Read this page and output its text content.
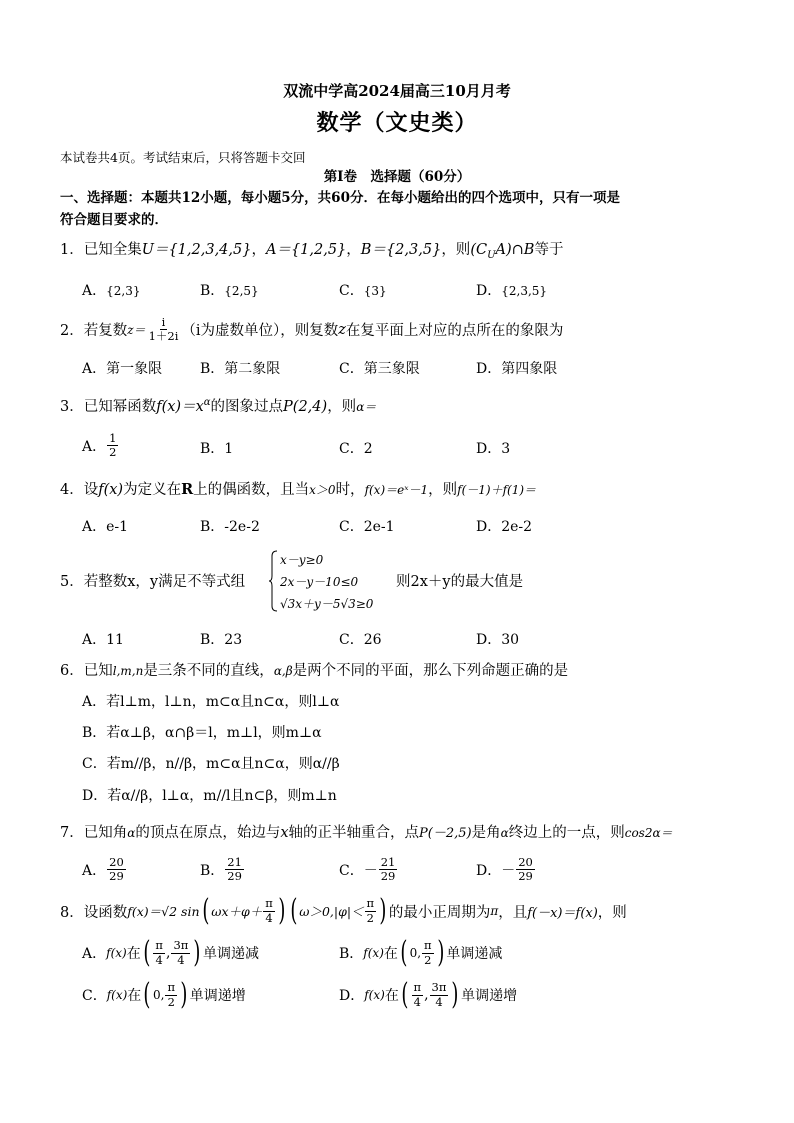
双流中学高2024届高三10月月考
数学（文史类）
本试卷共4页。考试结束后，只将答题卡交回
第Ⅰ卷　选择题（60分）
一、选择题：本题共12小题，每小题5分，共60分．在每小题给出的四个选项中，只有一项是
符合题目要求的．
1．已知全集U＝{1,2,3,4,5}，A＝{1,2,5}，B＝{2,3,5}，则$(C_UA)\cap B$等于
A．{2,3}	B．{2,5}	C．{3}	D．{2,3,5}
2．若复数$z= \frac{i}{1+2i} (i$为虚数单位），则复数z在复平面上对应的点所在的象限为
A．第一象限	B．第二象限	C．第三象限	D．第四象限
3．已知幂函数$f(x)=x^\alpha$的图象过点P(2,4)，则α＝
A． $\frac{1}{2}$	B．1	C．2	D．3
4．设f(x)为定义在R上的偶函数，且当x＞0时，f(x)＝eˣ－1，则f(－1)＋f(1)＝
A．e-1	B．-2e-2	C．2e-1	D．2e-2
5．若整数x，y满足不等式组
x－y≥0
2x－y－10≤0
√3x＋y－5√3≥0
则2x＋y的最大值是
A．11	B．23	C．26	D．30
6．已知l,m,n是三条不同的直线，α,β是两个不同的平面，那么下列命题正确的是
A．若l⊥m，l⊥n，m⊂α且n⊂α，则l⊥α
B．若α⊥β，α∩β＝l，m⊥l，则m⊥α
C．若m//β，n//β，m⊂α且n⊂α，则α//β
D．若α//β，l⊥α，m//l且n⊂β，则m⊥n
7．已知角α的顶点在原点，始边与x轴的正半轴重合，点P(－2,5)是角α终边上的一点，则cos2α＝
A． $\frac{20}{29}$	B． $\frac{21}{29}$	C．－ $\frac{21}{29}$	D．－ $\frac{20}{29}$
8．设函数f(x)＝√2 sin( $\omega x+\varphi+ \frac{\pi}{4}$ ) ( $\omega>0,|\varphi|< \frac{\pi}{2}$ ) 的最小正周期为π，且f(－x)＝f(x)，则
A．f(x)在( $\frac{\pi}{4}$ , $\frac{3\pi}{4}$ ) 单调递减	B．f(x)在( 0, $\frac{\pi}{2}$ ) 单调递减
C．f(x)在( 0, $\frac{\pi}{2}$ ) 单调递增	D．f(x)在( $\frac{\pi}{4}$ , $\frac{3\pi}{4}$ ) 单调递增
